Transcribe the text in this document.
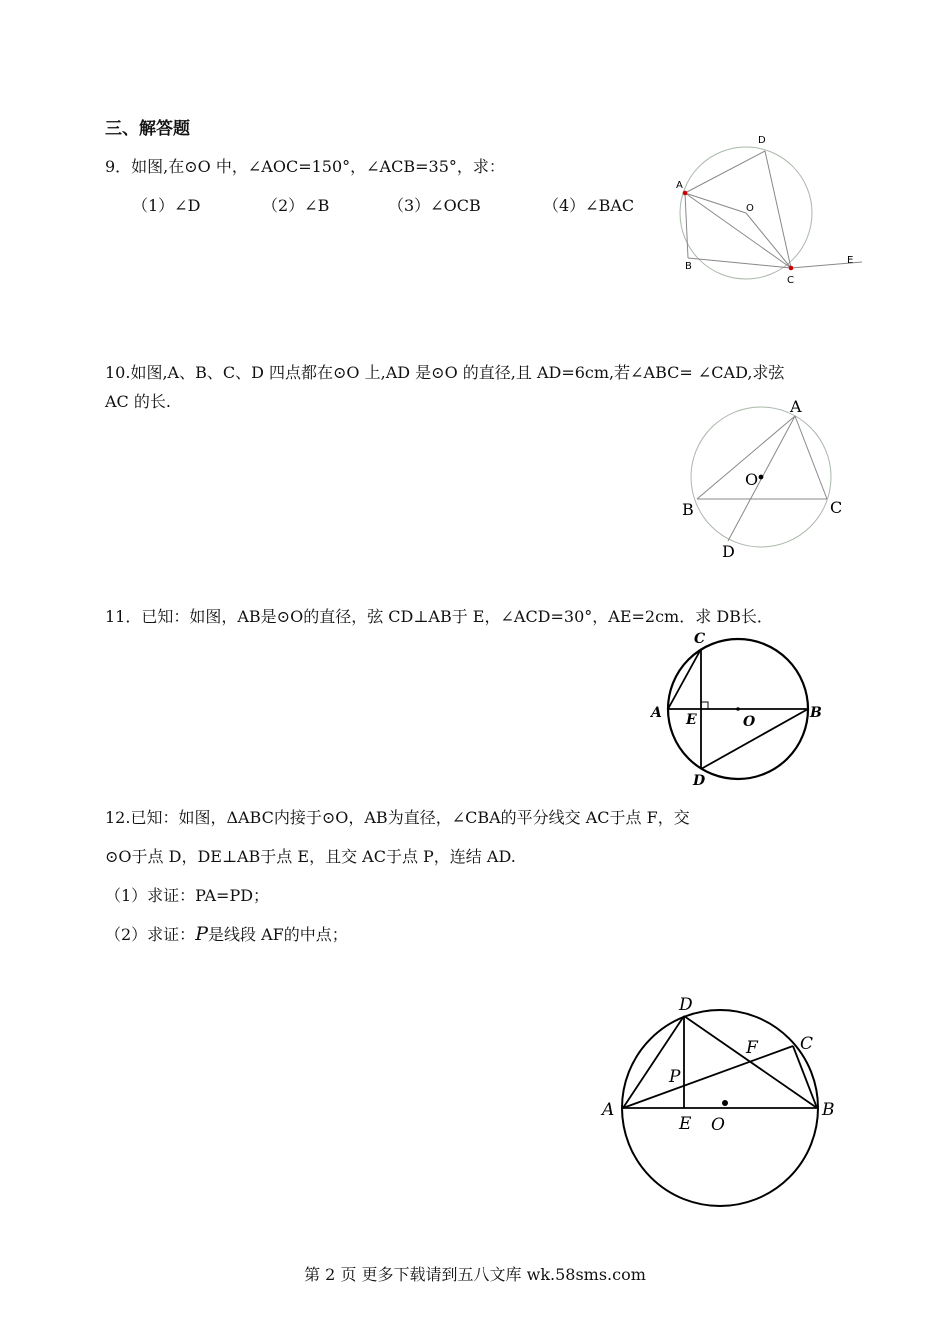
三、解答题
9．如图,在⊙O 中，∠AOC=150°，∠ACB=35°，求：
（1）∠D	（2）∠B	（3）∠OCB	（4）∠BAC
D
A
O
B
C
E
10.如图,A、B、C、D 四点都在⊙O 上,AD 是⊙O 的直径,且 AD=6cm,若∠ABC= ∠CAD,求弦
AC 的长.	A
O
B	C
D
11．已知：如图，AB是⊙O的直径，弦 CD⊥AB于 E，∠ACD=30°，AE=2cm．求 DB长．
C
A E	O
B
D
12.已知：如图，ΔABC内接于⊙O，AB为直径，∠CBA的平分线交 AC于点 F，交
⊙O于点 D，DE⊥AB于点 E，且交 AC于点 P，连结 AD.
（1）求证：PA=PD；
（2）求证：P是线段 AF的中点；
D
C
F
P
A	B
E O
第 2 页 更多下载请到五八文库 wk.58sms.com
